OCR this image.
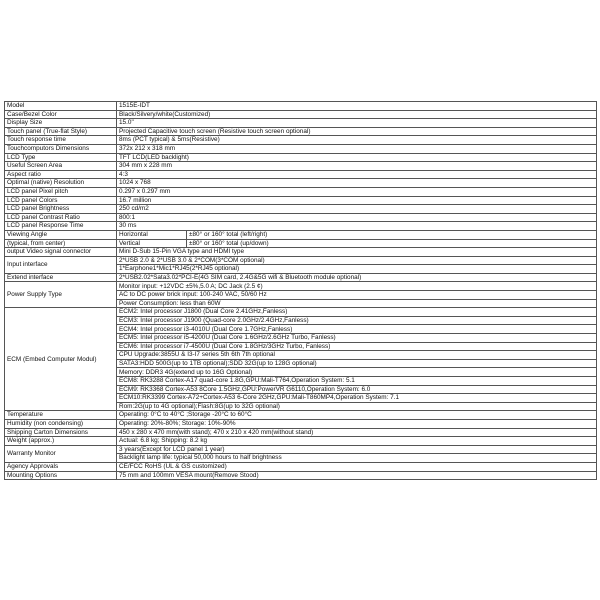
Model	1515E-IDT	
Case/Bezel Color	Black/Silvery/white(Customized)	
Display Size	15.0"	
Touch panel (True-flat Style)	Projected Capacitive touch screen (Resistive touch screen optional)	
Touch response time	8ms (PCT typical) & 5ms(Resistive)	
Touchcomputors Dimensions	372x 212 x 318 mm	
LCD Type	TFT LCD(LED backlight)	
Useful Screen Area	304 mm x 228 mm	
Aspect ratio	4:3	
Optimal (native) Resolution	1024 x 768	
LCD panel Pixel pitch	0.297 x 0.297 mm	
LCD panel Colors	16.7 million	
LCD panel Brightness	250 cd/m2	
LCD panel Contrast Ratio	800:1	
LCD panel Response Time	30 ms	
Viewing Angle	Horizontal	±80° or 160° total (left/right)
(typical, from center)	Vertical	±80° or 160° total (up/down)
output Video signal connector	Mini D-Sub 15-Pin VGA type and HDMI type	
Input interface	2*USB 2.0 & 2*USB 3.0 & 2*COM(3*COM optional)	
	1*Earphone1*Mic1*RJ45(2*RJ45 optional)	
Extend interface	2*USB2.02*Sata3.02*PCI-E(4G SIM card, 2.4G&5G wifi & Bluetooth module optional)	
Power Supply Type	Monitor input: +12VDC ±5%,5.0 A; DC Jack (2.5 ¢)	
	AC to DC power brick input: 100-240 VAC, 50/60 Hz	
	Power Consumption: less than 60W	
ECM (Embed Computer Modul)	ECM2: Intel processor J1800 (Dual Core 2.41GHz,Fanless)	
	ECM3: Intel processor J1900 (Quad-core 2.0GHz/2.4GHz,Fanless)	
	ECM4: Intel processor i3-4010U (Dual Core 1.7GHz,Fanless)	
	ECM5: Intel processor i5-4200U (Dual Core 1.6GHz/2.6GHz Turbo, Fanless)	
	ECM6: Intel processor i7-4500U (Dual Core 1.8GHz/3GHz Turbo, Fanless)	
	CPU Upgrade:3855U & I3-I7 series 5th 6th 7th optional	
	SATA3:HDD 500G(up to 1TB optional);SDD 32G(up to 128G optional)	
	Memory: DDR3 4G(extend up to 16G Optional)	
	ECM8: RK3288 Cortex-A17 quad-core 1.8G,GPU:Mali-T764,Operation System: 5.1	
	ECM9: RK3368 Cortex-A53 8Core 1.5GHz,GPU:PowerVR G6110,Operation System: 6.0	
	ECM10:RK3399 Cortex-A72+Cortex-A53 6-Core 2GHz,GPU:Mali-T860MP4,Operation System: 7.1	
	Rom:2G(up to 4G optional);Flash:8G(up to 32G optional)	
Temperature	Operating: 0°C to 40°C ;Storage -20°C to 60°C	
Humidity (non condensing)	Operating: 20%-80%; Storage: 10%-90%	
Shipping Carton Dimensions	450 x 280 x 470 mm(with stand); 470 x 210 x 420 mm(without stand)	
Weight (approx.)	Actual: 6.8 kg; Shipping: 8.2 kg	
Warranty Monitor	3 years(Except for LCD panel 1 year)	
	Backlight lamp life: typical 50,000 hours to half brightness	
Agency Approvals	CE/FCC RoHS (UL & GS customized)	
Mounting Options	75 mm and 100mm VESA mount(Remove Stood)	
